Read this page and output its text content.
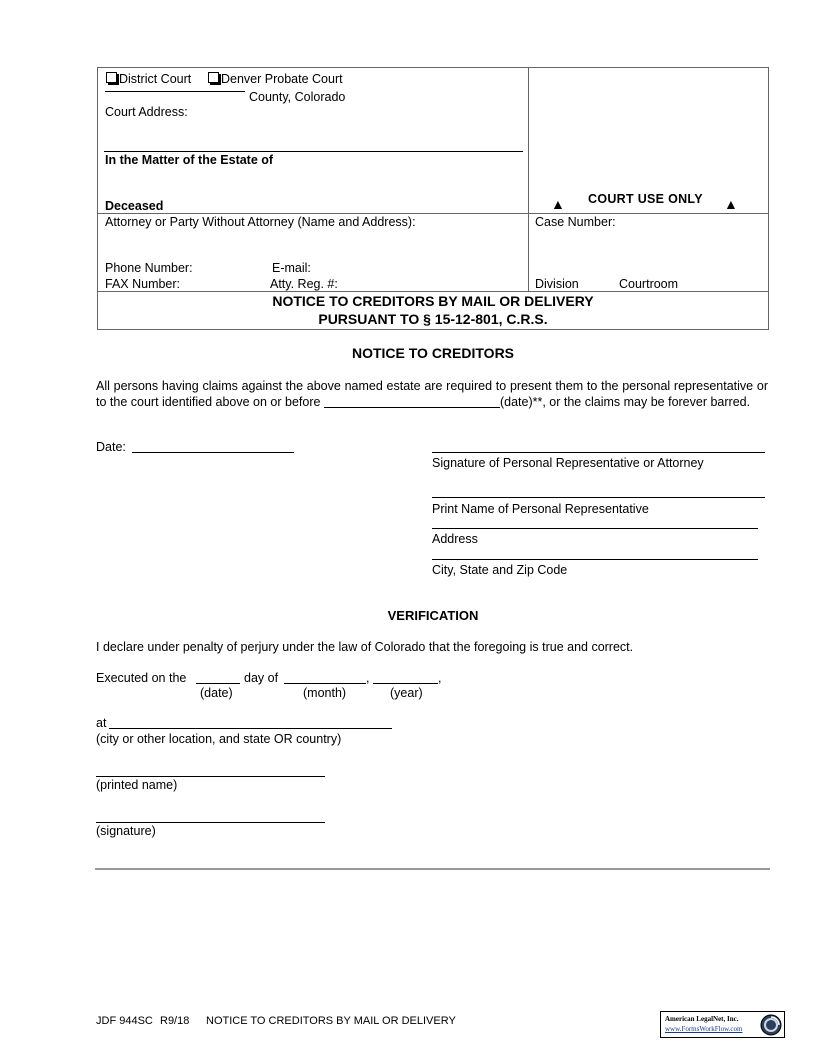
District Court	Denver Probate Court
County, Colorado
Court Address:
In the Matter of the Estate of
Deceased	▲ COURT USE ONLY ▲
Attorney or Party Without Attorney (Name and Address):
Phone Number:	E-mail:
FAX Number:	Atty. Reg. #:
Case Number:
Division	Courtroom
NOTICE TO CREDITORS BY MAIL OR DELIVERY
PURSUANT TO § 15-12-801, C.R.S.
NOTICE TO CREDITORS
All persons having claims against the above named estate are required to present them to the personal representative or to the court identified above on or before	(date)**, or the claims may be forever barred.
Date:
Signature of Personal Representative or Attorney
Print Name of Personal Representative
Address
City, State and Zip Code
VERIFICATION
I declare under penalty of perjury under the law of Colorado that the foregoing is true and correct.
Executed on the	day of	,	,
(date)	(month)	(year)
at
(city or other location, and state OR country)
(printed name)
(signature)
JDF 944SC R9/18 NOTICE TO CREDITORS BY MAIL OR DELIVERY	American LegalNet, Inc.
www.FormsWorkFlow.com
